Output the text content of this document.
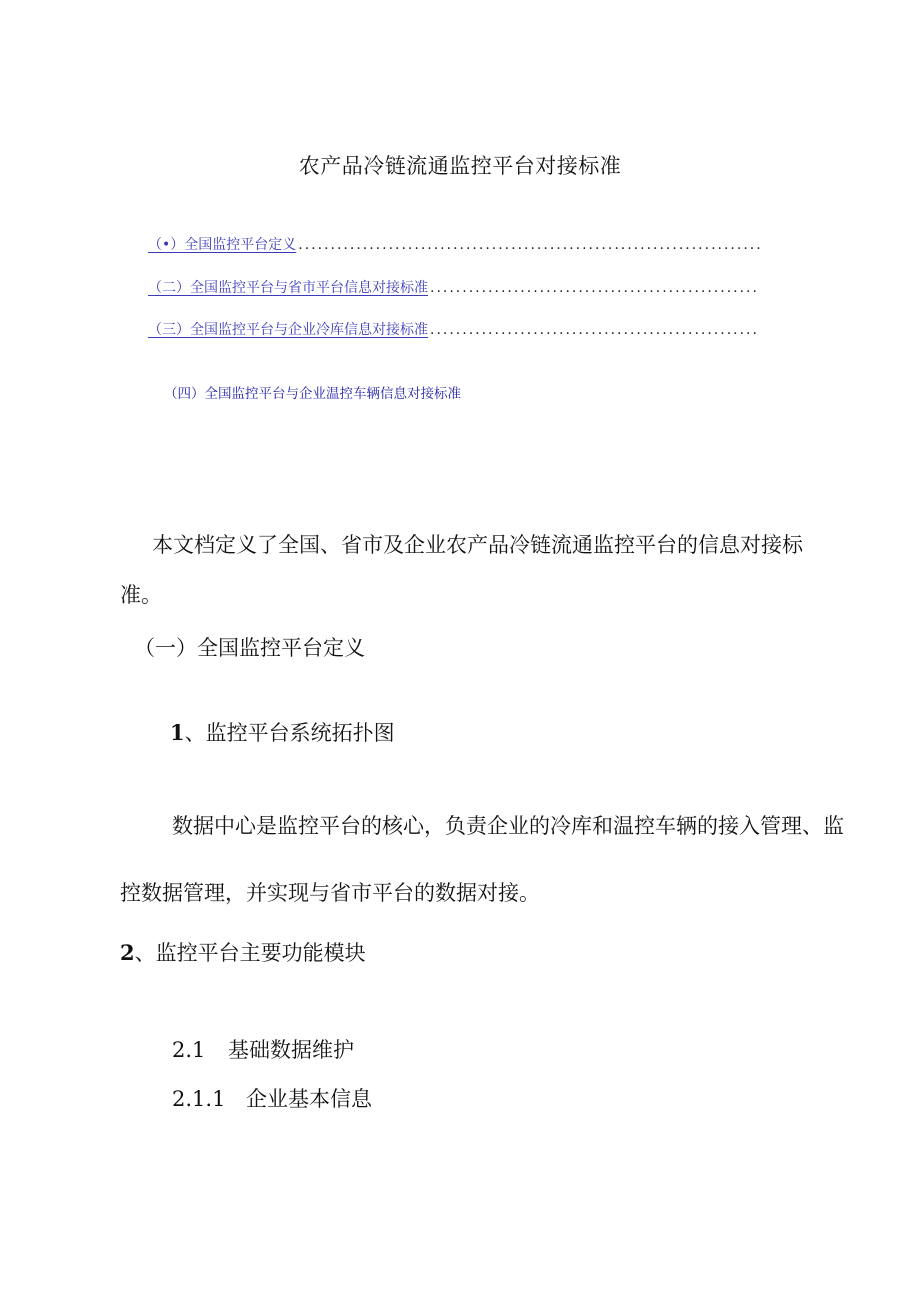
农产品冷链流通监控平台对接标准
（•）全国监控平台定义
.....
（二）全国监控平台与省市平台信息对接标准
.....
（三）全国监控平台与企业冷库信息对接标准
.....
（四）全国监控平台与企业温控车辆信息对接标准
本文档定义了全国、省市及企业农产品冷链流通监控平台的信息对接标准。
（一）全国监控平台定义
1、监控平台系统拓扑图
数据中心是监控平台的核心，负责企业的冷库和温控车辆的接入管理、监控数据管理，并实现与省市平台的数据对接。
2、监控平台主要功能模块
2.1 基础数据维护
2.1.1 企业基本信息
